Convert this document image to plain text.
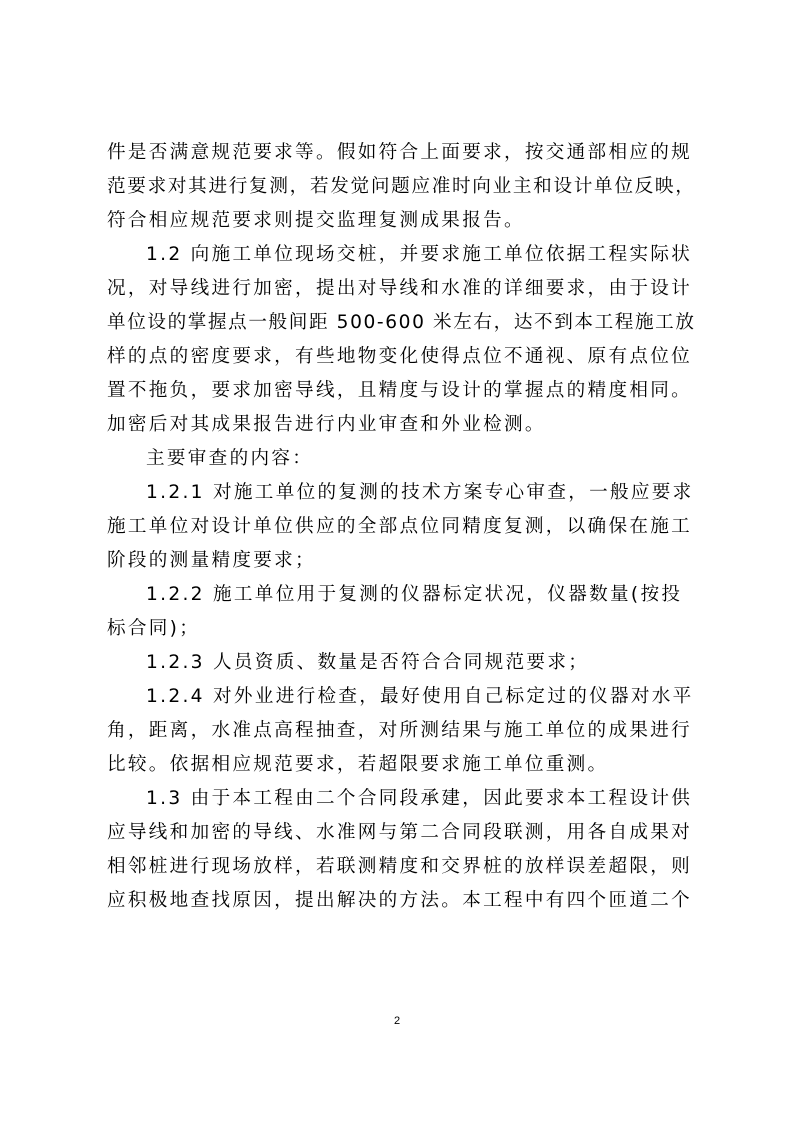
件是否满意规范要求等。假如符合上面要求，按交通部相应的规
范要求对其进行复测，若发觉问题应准时向业主和设计单位反映，
符合相应规范要求则提交监理复测成果报告。
1.2 向施工单位现场交桩，并要求施工单位依据工程实际状
况，对导线进行加密，提出对导线和水准的详细要求，由于设计
单位设的掌握点一般间距 500-600 米左右，达不到本工程施工放
样的点的密度要求，有些地物变化使得点位不通视、原有点位位
置不拖负，要求加密导线，且精度与设计的掌握点的精度相同。
加密后对其成果报告进行内业审查和外业检测。
主要审查的内容：
1.2.1 对施工单位的复测的技术方案专心审查，一般应要求
施工单位对设计单位供应的全部点位同精度复测，以确保在施工
阶段的测量精度要求；
1.2.2 施工单位用于复测的仪器标定状况，仪器数量(按投
标合同)；
1.2.3 人员资质、数量是否符合合同规范要求；
1.2.4 对外业进行检查，最好使用自己标定过的仪器对水平
角，距离，水准点高程抽查，对所测结果与施工单位的成果进行
比较。依据相应规范要求，若超限要求施工单位重测。
1.3 由于本工程由二个合同段承建，因此要求本工程设计供
应导线和加密的导线、水准网与第二合同段联测，用各自成果对
相邻桩进行现场放样，若联测精度和交界桩的放样误差超限，则
应积极地查找原因，提出解决的方法。本工程中有四个匝道二个
2
